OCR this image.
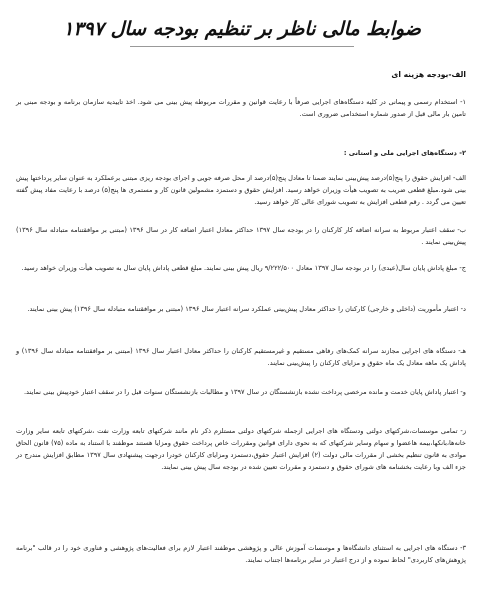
ضوابط مالی ناظر بر تنظیم بودجه سال ۱۳۹۷
الف-بودجه هزینه ای
۱- استخدام رسمی و پیمانی در کلیه دستگاه‌های اجرایی صرفاً با رعایت قوانین و مقررات مربوطه پیش بینی می شود. اخذ تاییدیه سازمان برنامه و بودجه مبنی بر تامین بار مالی قبل از صدور شماره استخدامی ضروری است.
۲- دستگاه‌های اجرایی ملی و استانی :
الف- افزایش حقوق را پنج(۵)درصد پیش‌بینی نمایند ضمنا تا معادل پنج(۵)درصد از محل صرفه جویی و اجرای بودجه ریزی مبتنی برعملکرد به عنوان سایر پرداختها پیش بینی شود.مبلغ قطعی ضریب به تصویب هیأت وزیران خواهد رسید. افزایش حقوق و دستمزد مشمولین قانون کار و مستمری ها پنج(۵) درصد با رعایت مفاد پیش گفته تعیین می گردد . رقم قطعی افزایش به تصویب شورای عالی کار خواهد رسید.
ب- سقف اعتبار مربوط به سرانه اضافه کار کارکنان را در بودجه سال ۱۳۹۷ حداکثر معادل اعتبار اضافه کار در سال ۱۳۹۶ (مبتنی بر موافقتنامه متبادله سال ۱۳۹۶) پیش‌بینی نمایند .
ج- مبلغ پاداش پایان سال(عیدی) را در بودجه سال ۱۳۹۷ معادل ۹/۲۲۲/۵۰۰ ریال پیش بینی نمایند. مبلغ قطعی پاداش پایان سال به تصویب هیأت وزیران خواهد رسید.
د- اعتبار مأموریت (داخلی و خارجی) کارکنان را حداکثر معادل پیش‌بینی عملکرد سرانه اعتبار سال ۱۳۹۶ (مبتنی بر موافقتنامه متبادله سال ۱۳۹۶) پیش بینی نمایند.
هـ- دستگاه های اجرایی مجازند سرانه کمک‌های رفاهی مستقیم و غیرمستقیم کارکنان را حداکثر معادل اعتبار سال ۱۳۹۶ (مبتنی بر موافقتنامه متبادله سال ۱۳۹۶) و پاداش یک ماهه معادل یک ماه حقوق و مزایای کارکنان را پیش‌بینی نمایند.
و- اعتبار پاداش پایان خدمت و مانده مرخصی پرداخت نشده بازنشستگان در سال ۱۳۹۷ و مطالبات بازنشستگان سنوات قبل را در سقف اعتبار خودپیش بینی نمایند.
ز- تمامی موسسات،شرکتهای دولتی ودستگاه های اجرایی ازجمله شرکتهای دولتی مستلزم ذکر نام مانند شرکتهای تابعه وزارت نفت ،شرکتهای تابعه سایر وزارت خانه‌ها،بانکها،بیمه هاعضوا و سهام وسایر شرکتهای که به نحوی دارای قوانین ومقررات خاص پرداخت حقوق ومزایا هستند موظفند با استناد به ماده (۷۵) قانون الحاق موادی به قانون تنظیم بخشی از مقررات مالی دولت (۲) افزایش اعتبار حقوق،دستمزد ومزایای کارکنان خودرا درجهت پیشنهادی سال ۱۳۹۷ مطابق افزایش مندرج در جزء الف وبا رعایت بخشنامه های شورای حقوق و دستمزد و مقررات تعیین شده در بودجه سال پیش بینی نمایند.
۳- دستگاه های اجرایی به استثنای دانشگاه‌ها و موسسات آموزش عالی و پژوهشی موظفند اعتبار لازم برای فعالیت‌های پژوهشی و فناوری خود را در قالب "برنامه پژوهش‌های کاربردی" لحاظ نموده و از درج اعتبار در سایر برنامه‌ها اجتناب نمایند.
